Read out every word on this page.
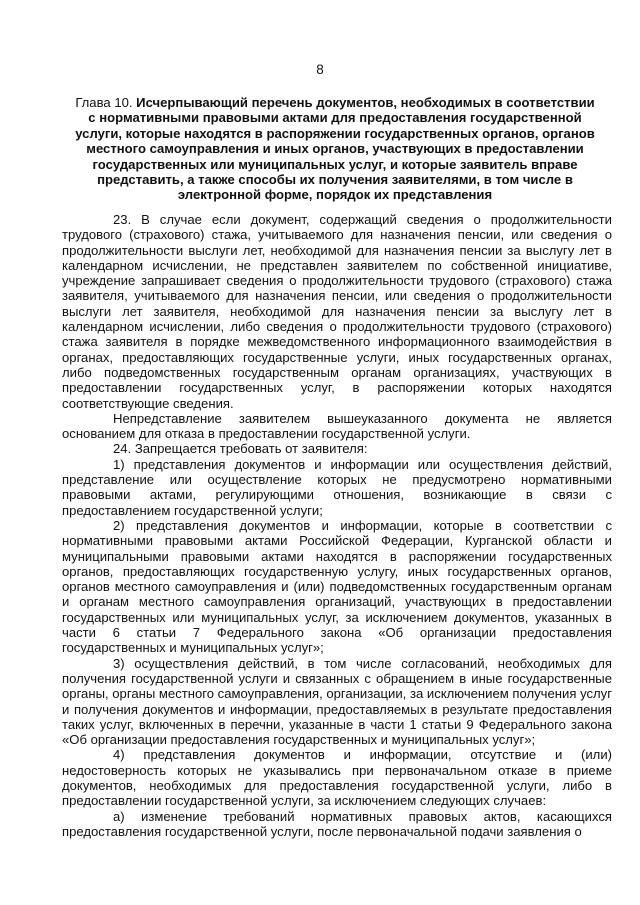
8
Глава 10. Исчерпывающий перечень документов, необходимых в соответствии с нормативными правовыми актами для предоставления государственной услуги, которые находятся в распоряжении государственных органов, органов местного самоуправления и иных органов, участвующих в предоставлении государственных или муниципальных услуг, и которые заявитель вправе представить, а также способы их получения заявителями, в том числе в электронной форме, порядок их представления

23. В случае если документ, содержащий сведения о продолжительности трудового (страхового) стажа, учитываемого для назначения пенсии, или сведения о продолжительности выслуги лет, необходимой для назначения пенсии за выслугу лет в календарном исчислении, не представлен заявителем по собственной инициативе, учреждение запрашивает сведения о продолжительности трудового (страхового) стажа заявителя, учитываемого для назначения пенсии, или сведения о продолжительности выслуги лет заявителя, необходимой для назначения пенсии за выслугу лет в календарном исчислении, либо сведения о продолжительности трудового (страхового) стажа заявителя в порядке межведомственного информационного взаимодействия в органах, предоставляющих государственные услуги, иных государственных органах, либо подведомственных государственным органам организациях, участвующих в предоставлении государственных услуг, в распоряжении которых находятся соответствующие сведения.

Непредставление заявителем вышеуказанного документа не является основанием для отказа в предоставлении государственной услуги.

24. Запрещается требовать от заявителя:

1) представления документов и информации или осуществления действий, представление или осуществление которых не предусмотрено нормативными правовыми актами, регулирующими отношения, возникающие в связи с предоставлением государственной услуги;

2) представления документов и информации, которые в соответствии с нормативными правовыми актами Российской Федерации, Курганской области и муниципальными правовыми актами находятся в распоряжении государственных органов, предоставляющих государственную услугу, иных государственных органов, органов местного самоуправления и (или) подведомственных государственным органам и органам местного самоуправления организаций, участвующих в предоставлении государственных или муниципальных услуг, за исключением документов, указанных в части 6 статьи 7 Федерального закона «Об организации предоставления государственных и муниципальных услуг»;

3) осуществления действий, в том числе согласований, необходимых для получения государственной услуги и связанных с обращением в иные государственные органы, органы местного самоуправления, организации, за исключением получения услуг и получения документов и информации, предоставляемых в результате предоставления таких услуг, включенных в перечни, указанные в части 1 статьи 9 Федерального закона «Об организации предоставления государственных и муниципальных услуг»;

4) представления документов и информации, отсутствие и (или) недостоверность которых не указывались при первоначальном отказе в приеме документов, необходимых для предоставления государственной услуги, либо в предоставлении государственной услуги, за исключением следующих случаев:

а) изменение требований нормативных правовых актов, касающихся предоставления государственной услуги, после первоначальной подачи заявления о
